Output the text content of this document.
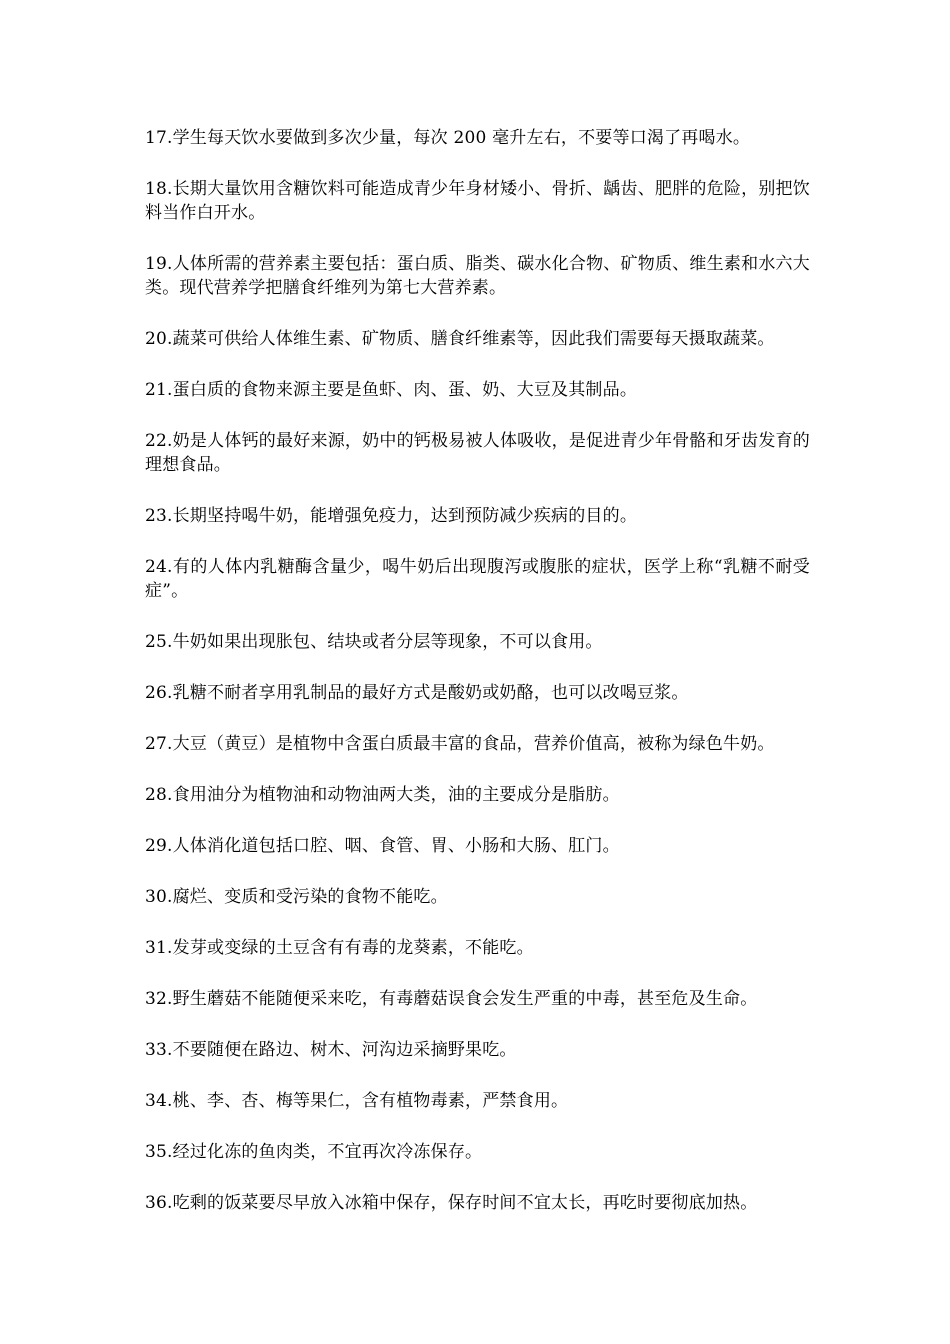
17.学生每天饮水要做到多次少量，每次 200 毫升左右，不要等口渴了再喝水。

18.长期大量饮用含糖饮料可能造成青少年身材矮小、骨折、龋齿、肥胖的危险，别把饮料当作白开水。

19.人体所需的营养素主要包括：蛋白质、脂类、碳水化合物、矿物质、维生素和水六大类。现代营养学把膳食纤维列为第七大营养素。

20.蔬菜可供给人体维生素、矿物质、膳食纤维素等，因此我们需要每天摄取蔬菜。

21.蛋白质的食物来源主要是鱼虾、肉、蛋、奶、大豆及其制品。

22.奶是人体钙的最好来源，奶中的钙极易被人体吸收，是促进青少年骨骼和牙齿发育的理想食品。

23.长期坚持喝牛奶，能增强免疫力，达到预防减少疾病的目的。

24.有的人体内乳糖酶含量少，喝牛奶后出现腹泻或腹胀的症状，医学上称“乳糖不耐受症”。

25.牛奶如果出现胀包、结块或者分层等现象，不可以食用。

26.乳糖不耐者享用乳制品的最好方式是酸奶或奶酪，也可以改喝豆浆。

27.大豆（黄豆）是植物中含蛋白质最丰富的食品，营养价值高，被称为绿色牛奶。

28.食用油分为植物油和动物油两大类，油的主要成分是脂肪。

29.人体消化道包括口腔、咽、食管、胃、小肠和大肠、肛门。

30.腐烂、变质和受污染的食物不能吃。

31.发芽或变绿的土豆含有有毒的龙葵素，不能吃。

32.野生蘑菇不能随便采来吃，有毒蘑菇误食会发生严重的中毒，甚至危及生命。

33.不要随便在路边、树木、河沟边采摘野果吃。

34.桃、李、杏、梅等果仁，含有植物毒素，严禁食用。

35.经过化冻的鱼肉类，不宜再次冷冻保存。

36.吃剩的饭菜要尽早放入冰箱中保存，保存时间不宜太长，再吃时要彻底加热。
